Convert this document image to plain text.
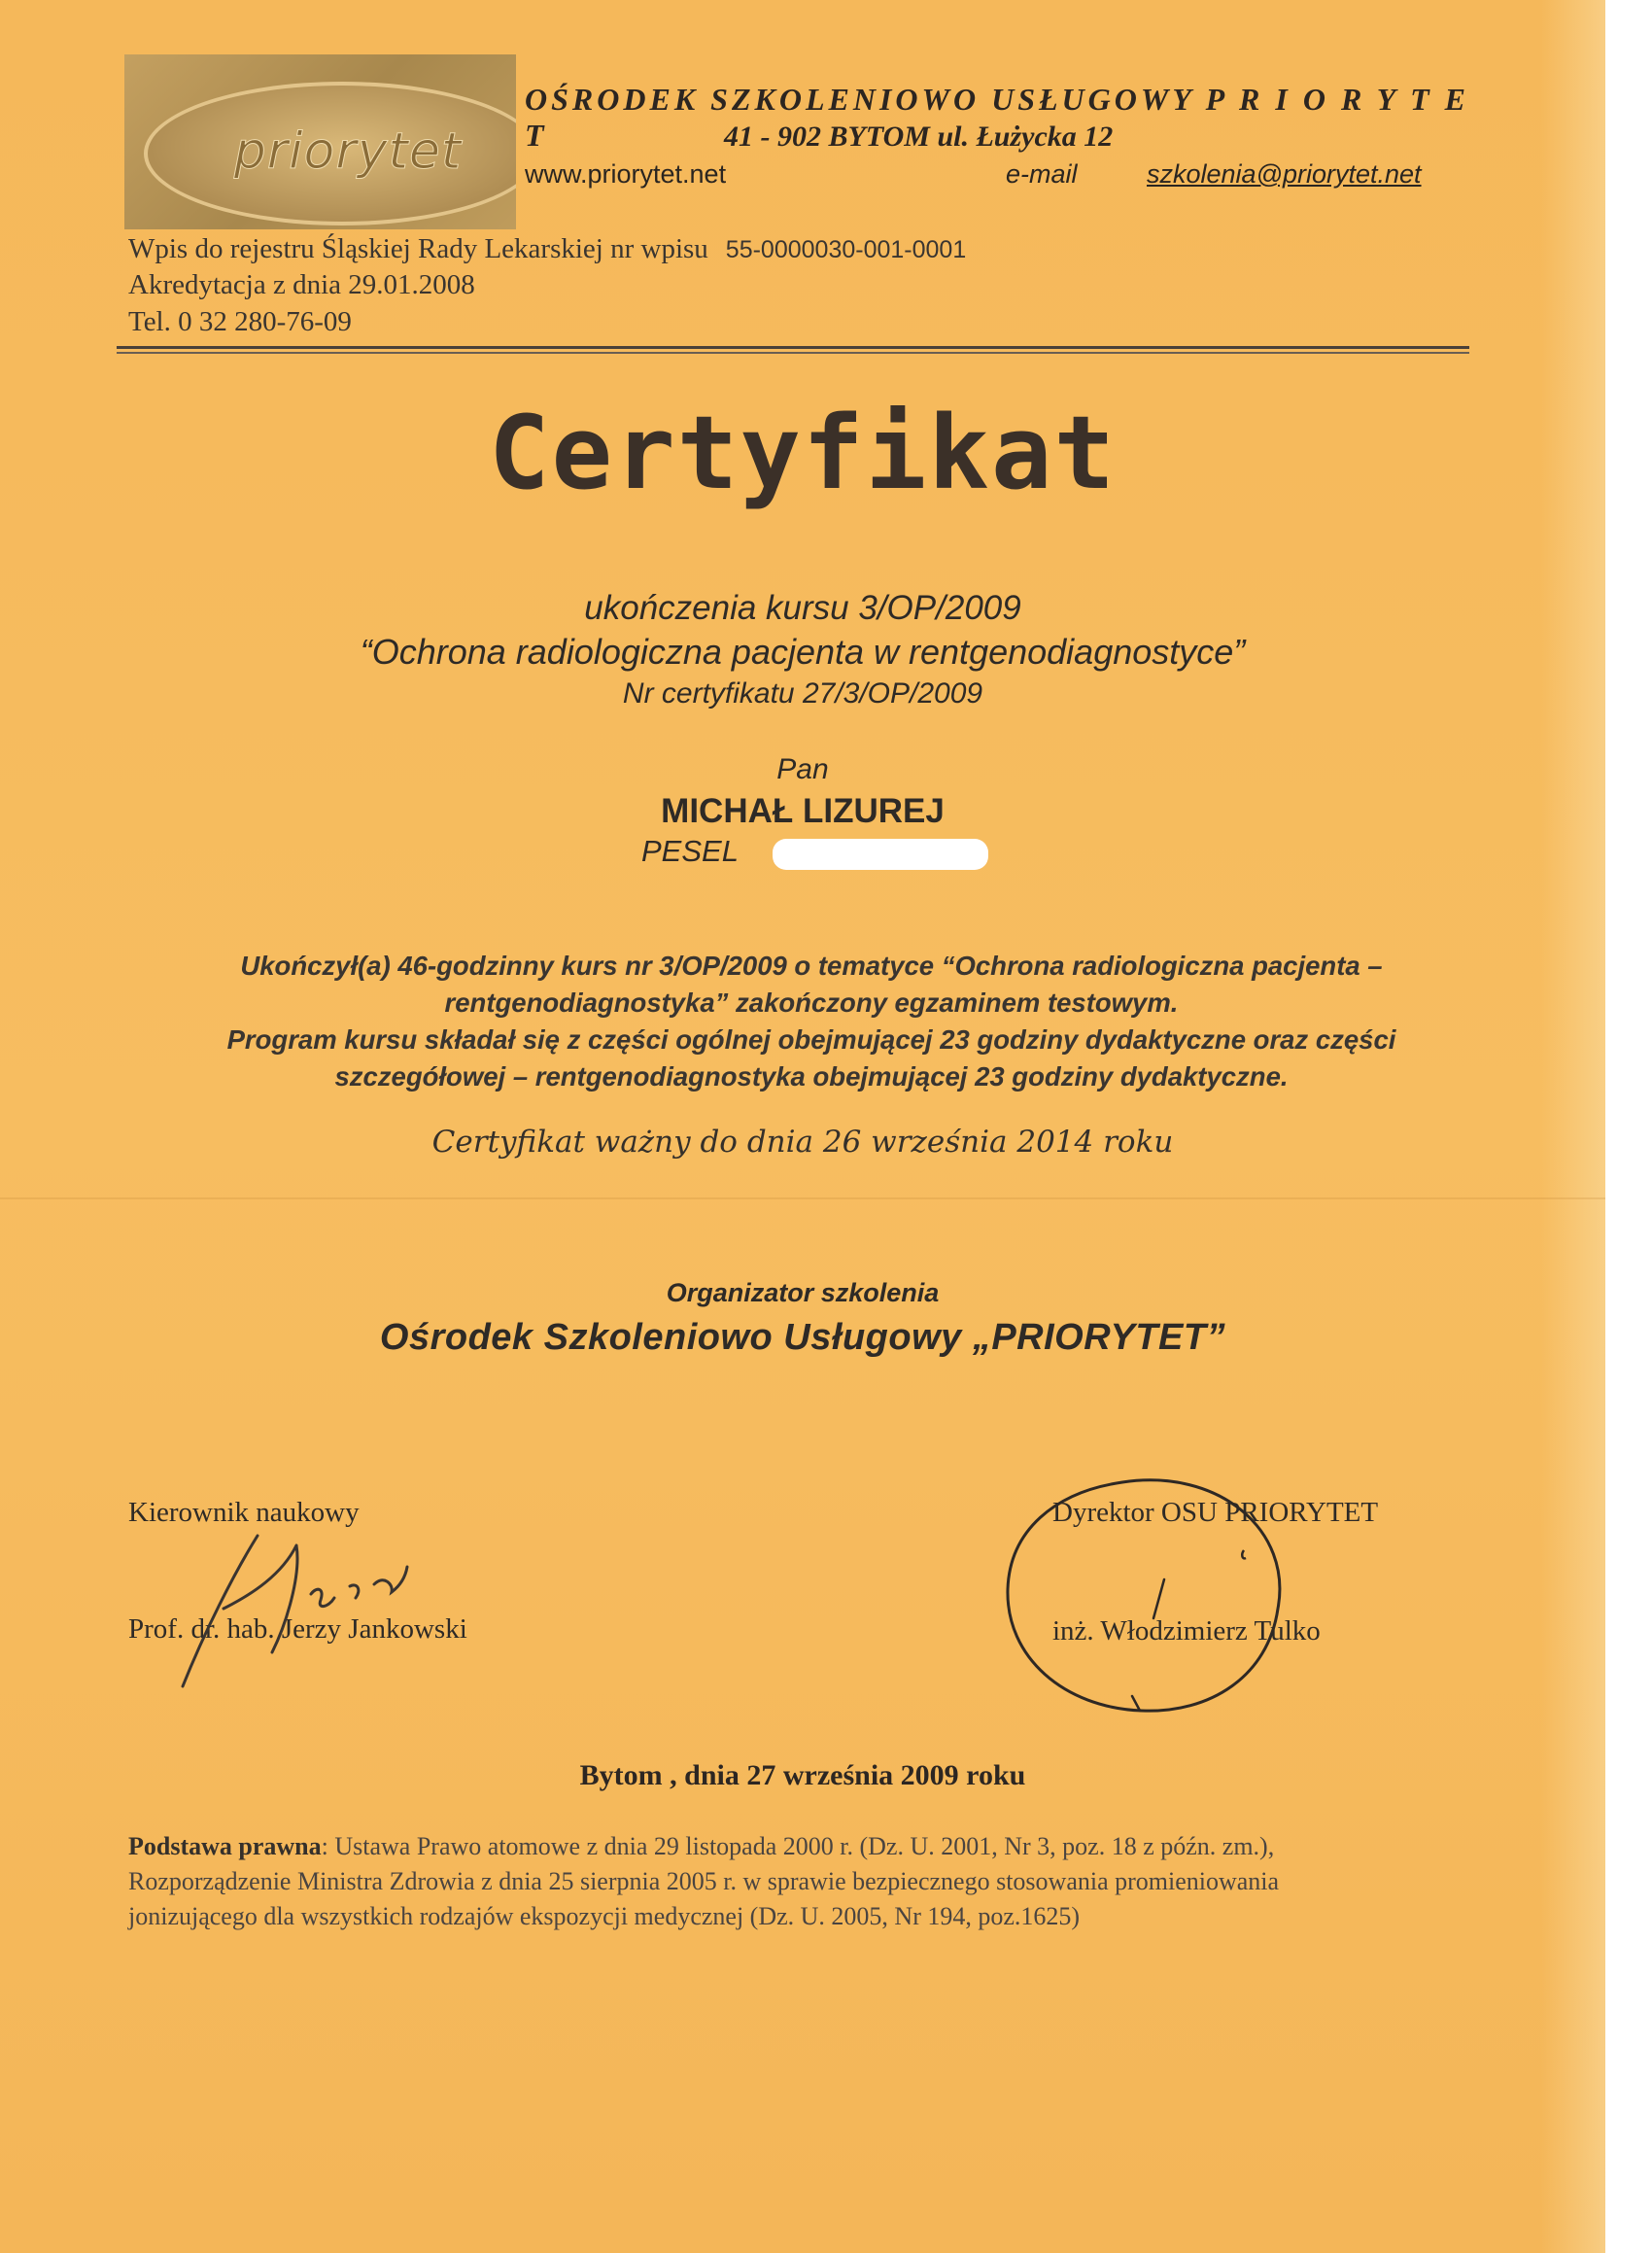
priorytet
OŚRODEK SZKOLENIOWO USŁUGOWY P R I O R Y T E T	41 - 902 BYTOM ul. Łużycka 12
www.priorytet.net	e-mail	szkolenia@priorytet.net
Wpis do rejestru Śląskiej Rady Lekarskiej nr wpisu 55-0000030-001-0001
Akredytacja z dnia 29.01.2008
Tel. 0 32 280-76-09
Certyfikat
ukończenia kursu 3/OP/2009
“Ochrona radiologiczna pacjenta w rentgenodiagnostyce”
Nr certyfikatu 27/3/OP/2009
Pan
MICHAŁ LIZUREJ
PESEL
Ukończył(a) 46-godzinny kurs nr 3/OP/2009 o tematyce “Ochrona radiologiczna pacjenta –
rentgenodiagnostyka” zakończony egzaminem testowym.
Program kursu składał się z części ogólnej obejmującej 23 godziny dydaktyczne oraz części
szczegółowej – rentgenodiagnostyka obejmującej 23 godziny dydaktyczne.
Certyfikat ważny do dnia 26 września 2014 roku
Organizator szkolenia
Ośrodek Szkoleniowo Usługowy „PRIORYTET”
Kierownik naukowy
Prof. dr. hab. Jerzy Jankowski
Dyrektor OSU PRIORYTET
inż. Włodzimierz Tulko
Bytom , dnia 27 września 2009 roku
Podstawa prawna: Ustawa Prawo atomowe z dnia 29 listopada 2000 r. (Dz. U. 2001, Nr 3, poz. 18 z późn. zm.),
Rozporządzenie Ministra Zdrowia z dnia 25 sierpnia 2005 r. w sprawie bezpiecznego stosowania promieniowania
jonizującego dla wszystkich rodzajów ekspozycji medycznej (Dz. U. 2005, Nr 194, poz.1625)
